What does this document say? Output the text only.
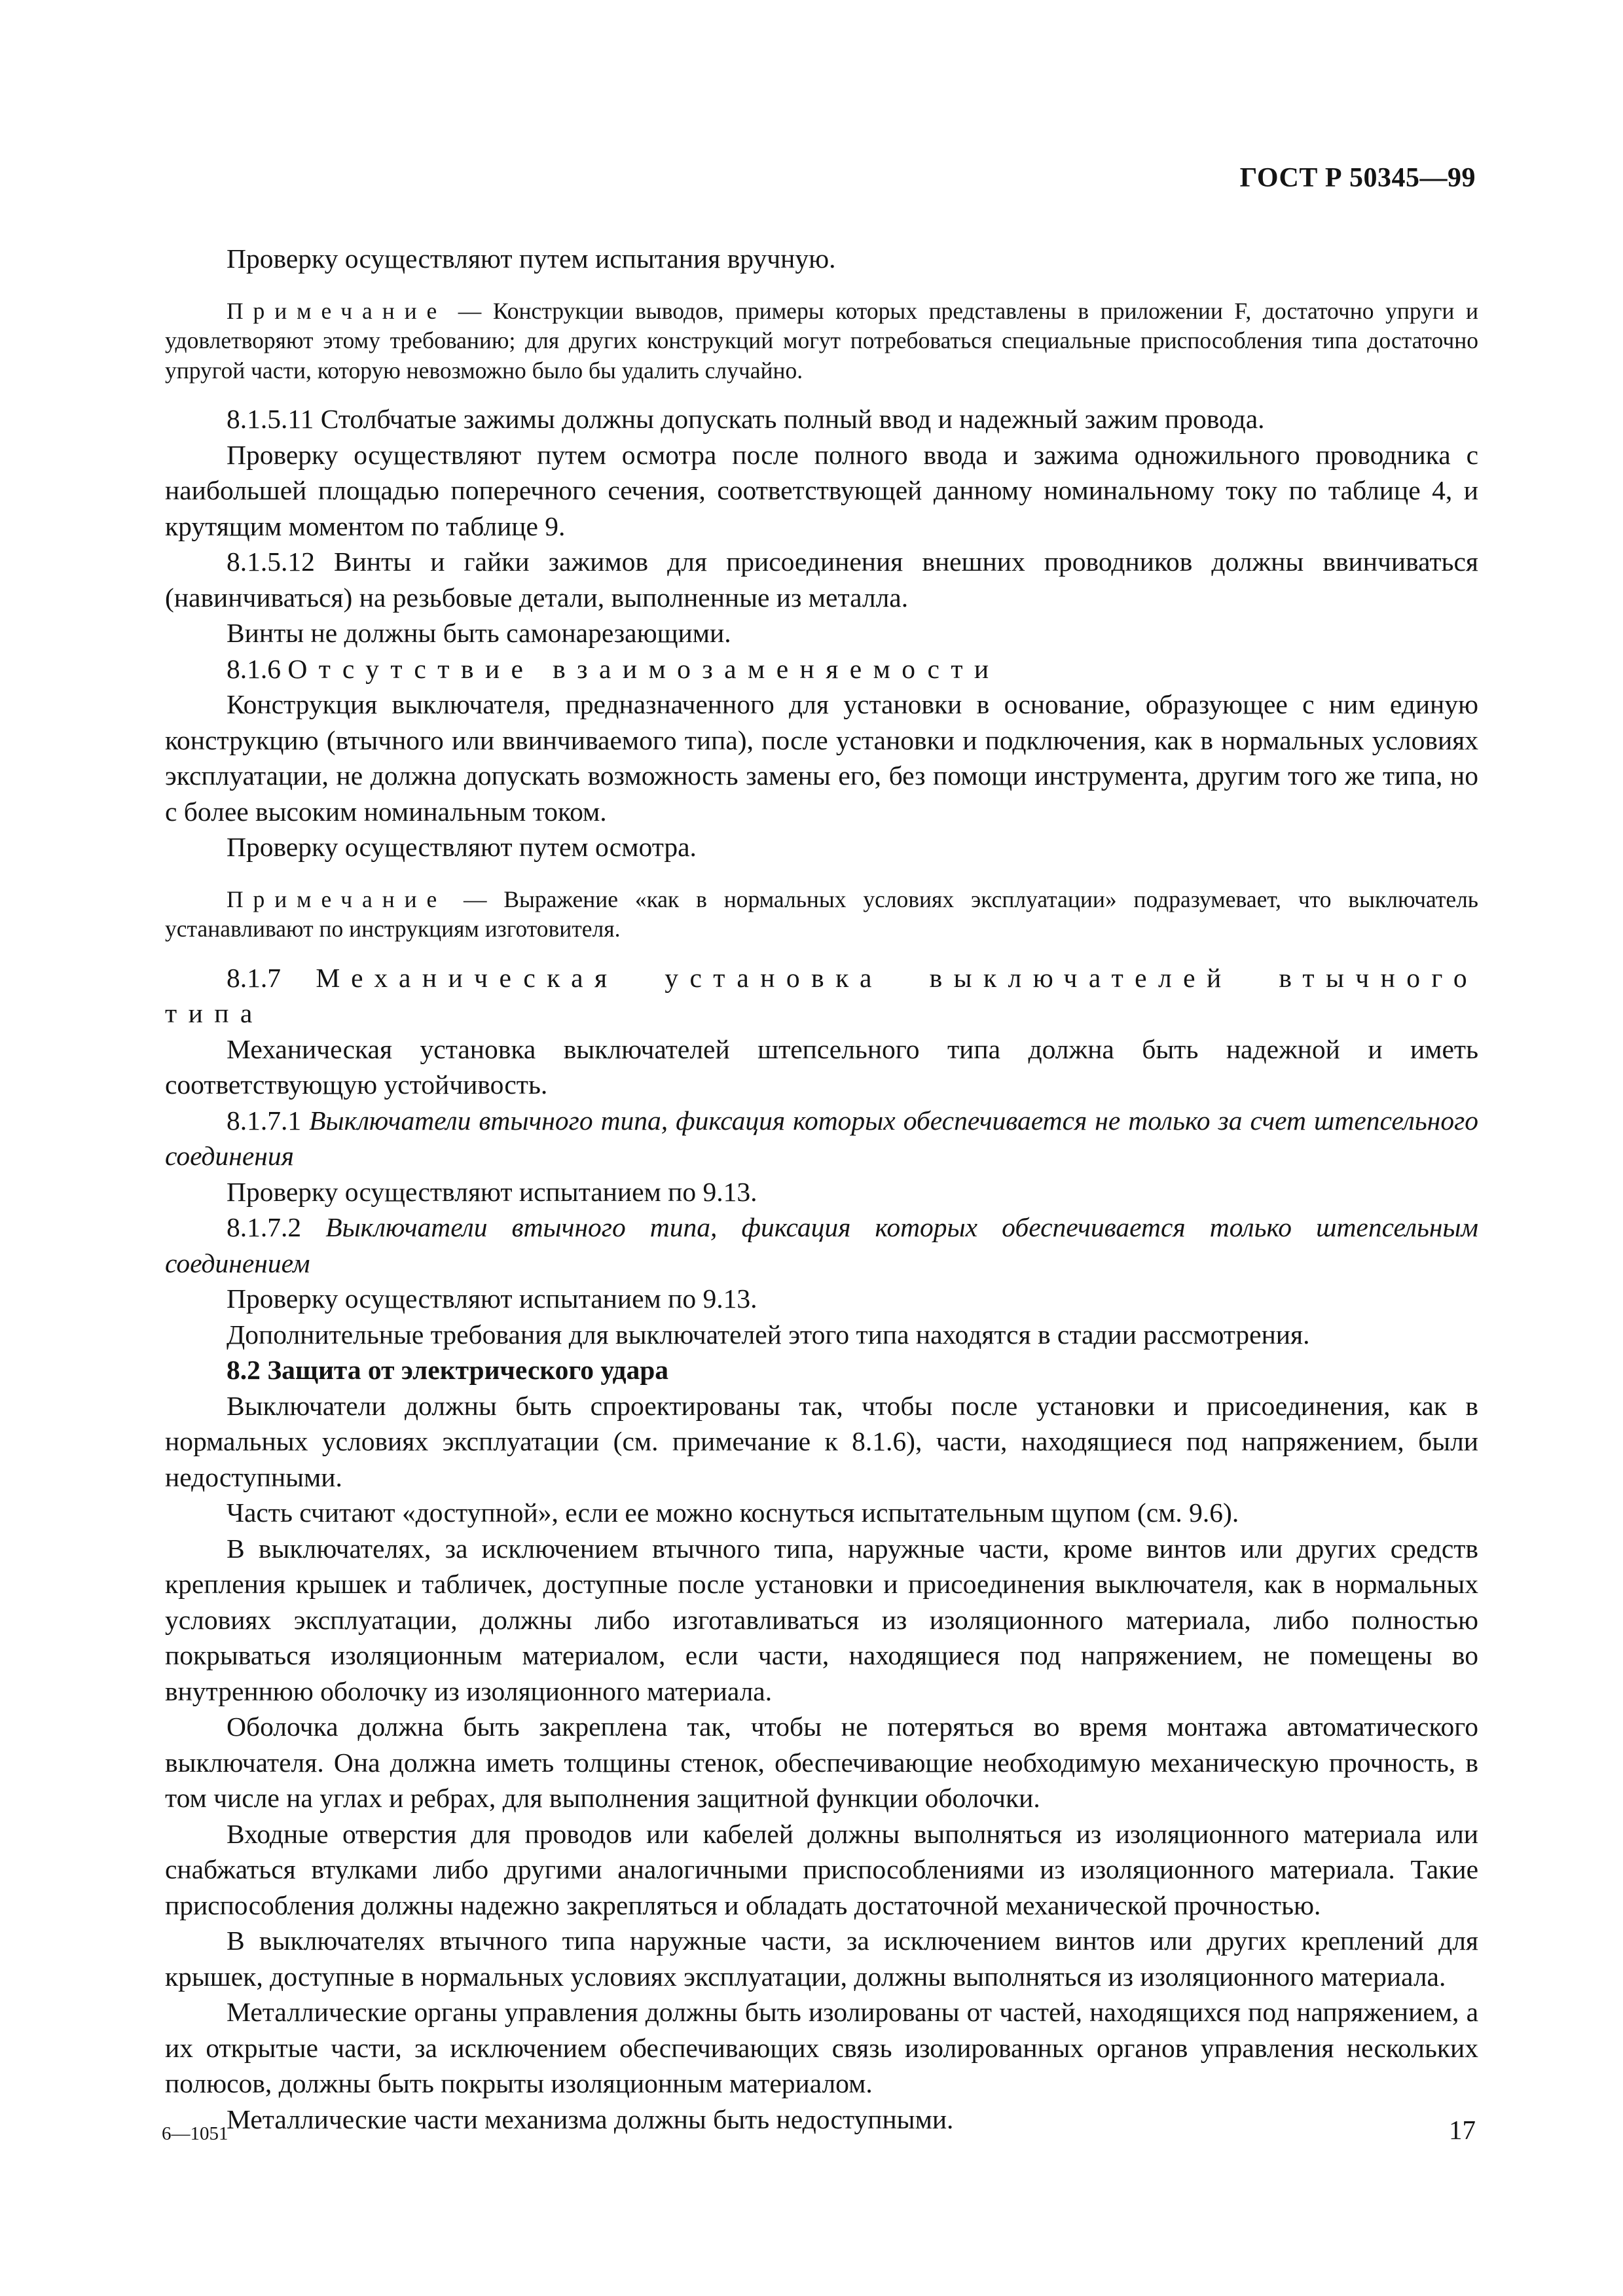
ГОСТ Р 50345—99

Проверку осуществляют путем испытания вручную.

Примечание — Конструкции выводов, примеры которых представлены в приложении F, достаточно упруги и удовлетворяют этому требованию; для других конструкций могут потребоваться специальные приспособления типа достаточно упругой части, которую невозможно было бы удалить случайно.

8.1.5.11 Столбчатые зажимы должны допускать полный ввод и надежный зажим провода.

Проверку осуществляют путем осмотра после полного ввода и зажима одножильного проводника с наибольшей площадью поперечного сечения, соответствующей данному номинальному току по таблице 4, и крутящим моментом по таблице 9.

8.1.5.12 Винты и гайки зажимов для присоединения внешних проводников должны ввинчиваться (навинчиваться) на резьбовые детали, выполненные из металла.

Винты не должны быть самонарезающими.

8.1.6 Отсутствие взаимозаменяемости

Конструкция выключателя, предназначенного для установки в основание, образующее с ним единую конструкцию (втычного или ввинчиваемого типа), после установки и подключения, как в нормальных условиях эксплуатации, не должна допускать возможность замены его, без помощи инструмента, другим того же типа, но с более высоким номинальным током.

Проверку осуществляют путем осмотра.

Примечание — Выражение «как в нормальных условиях эксплуатации» подразумевает, что выключатель устанавливают по инструкциям изготовителя.

8.1.7 Механическая установка выключателей втычного типа

Механическая установка выключателей штепсельного типа должна быть надежной и иметь соответствующую устойчивость.

8.1.7.1 Выключатели втычного типа, фиксация которых обеспечивается не только за счет штепсельного соединения

Проверку осуществляют испытанием по 9.13.

8.1.7.2 Выключатели втычного типа, фиксация которых обеспечивается только штепсельным соединением

Проверку осуществляют испытанием по 9.13.

Дополнительные требования для выключателей этого типа находятся в стадии рассмотрения.

8.2 Защита от электрического удара

Выключатели должны быть спроектированы так, чтобы после установки и присоединения, как в нормальных условиях эксплуатации (см. примечание к 8.1.6), части, находящиеся под напряжением, были недоступными.

Часть считают «доступной», если ее можно коснуться испытательным щупом (см. 9.6).

В выключателях, за исключением втычного типа, наружные части, кроме винтов или других средств крепления крышек и табличек, доступные после установки и присоединения выключателя, как в нормальных условиях эксплуатации, должны либо изготавливаться из изоляционного материала, либо полностью покрываться изоляционным материалом, если части, находящиеся под напряжением, не помещены во внутреннюю оболочку из изоляционного материала.

Оболочка должна быть закреплена так, чтобы не потеряться во время монтажа автоматического выключателя. Она должна иметь толщины стенок, обеспечивающие необходимую механическую прочность, в том числе на углах и ребрах, для выполнения защитной функции оболочки.

Входные отверстия для проводов или кабелей должны выполняться из изоляционного материала или снабжаться втулками либо другими аналогичными приспособлениями из изоляционного материала. Такие приспособления должны надежно закрепляться и обладать достаточной механической прочностью.

В выключателях втычного типа наружные части, за исключением винтов или других креплений для крышек, доступные в нормальных условиях эксплуатации, должны выполняться из изоляционного материала.

Металлические органы управления должны быть изолированы от частей, находящихся под напряжением, а их открытые части, за исключением обеспечивающих связь изолированных органов управления нескольких полюсов, должны быть покрыты изоляционным материалом.

Металлические части механизма должны быть недоступными.

6—1051	17
